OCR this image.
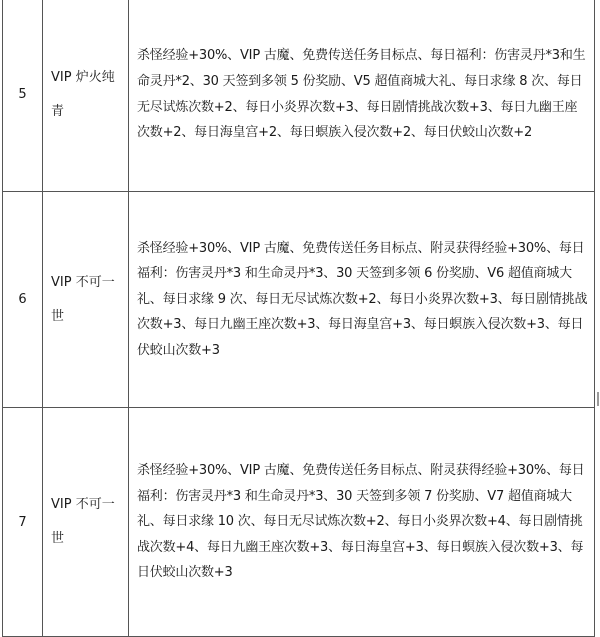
5	VIP 炉火纯青	杀怪经验+30%、VIP 古魔、免费传送任务目标点、每日福利：伤害灵丹*3和生命灵丹*2、30 天签到多领 5 份奖励、V5 超值商城大礼、每日求缘 8 次、每日无尽试炼次数+2、每日小炎界次数+3、每日剧情挑战次数+3、每日九幽王座次数+2、每日海皇宫+2、每日螟族入侵次数+2、每日伏蛟山次数+2
6	VIP 不可一世	杀怪经验+30%、VIP 古魔、免费传送任务目标点、附灵获得经验+30%、每日福利：伤害灵丹*3 和生命灵丹*3、30 天签到多领 6 份奖励、V6 超值商城大礼、每日求缘 9 次、每日无尽试炼次数+2、每日小炎界次数+3、每日剧情挑战次数+3、每日九幽王座次数+3、每日海皇宫+3、每日螟族入侵次数+3、每日伏蛟山次数+3
7	VIP 不可一世	杀怪经验+30%、VIP 古魔、免费传送任务目标点、附灵获得经验+30%、每日福利：伤害灵丹*3 和生命灵丹*3、30 天签到多领 7 份奖励、V7 超值商城大礼、每日求缘 10 次、每日无尽试炼次数+2、每日小炎界次数+4、每日剧情挑战次数+4、每日九幽王座次数+3、每日海皇宫+3、每日螟族入侵次数+3、每日伏蛟山次数+3
